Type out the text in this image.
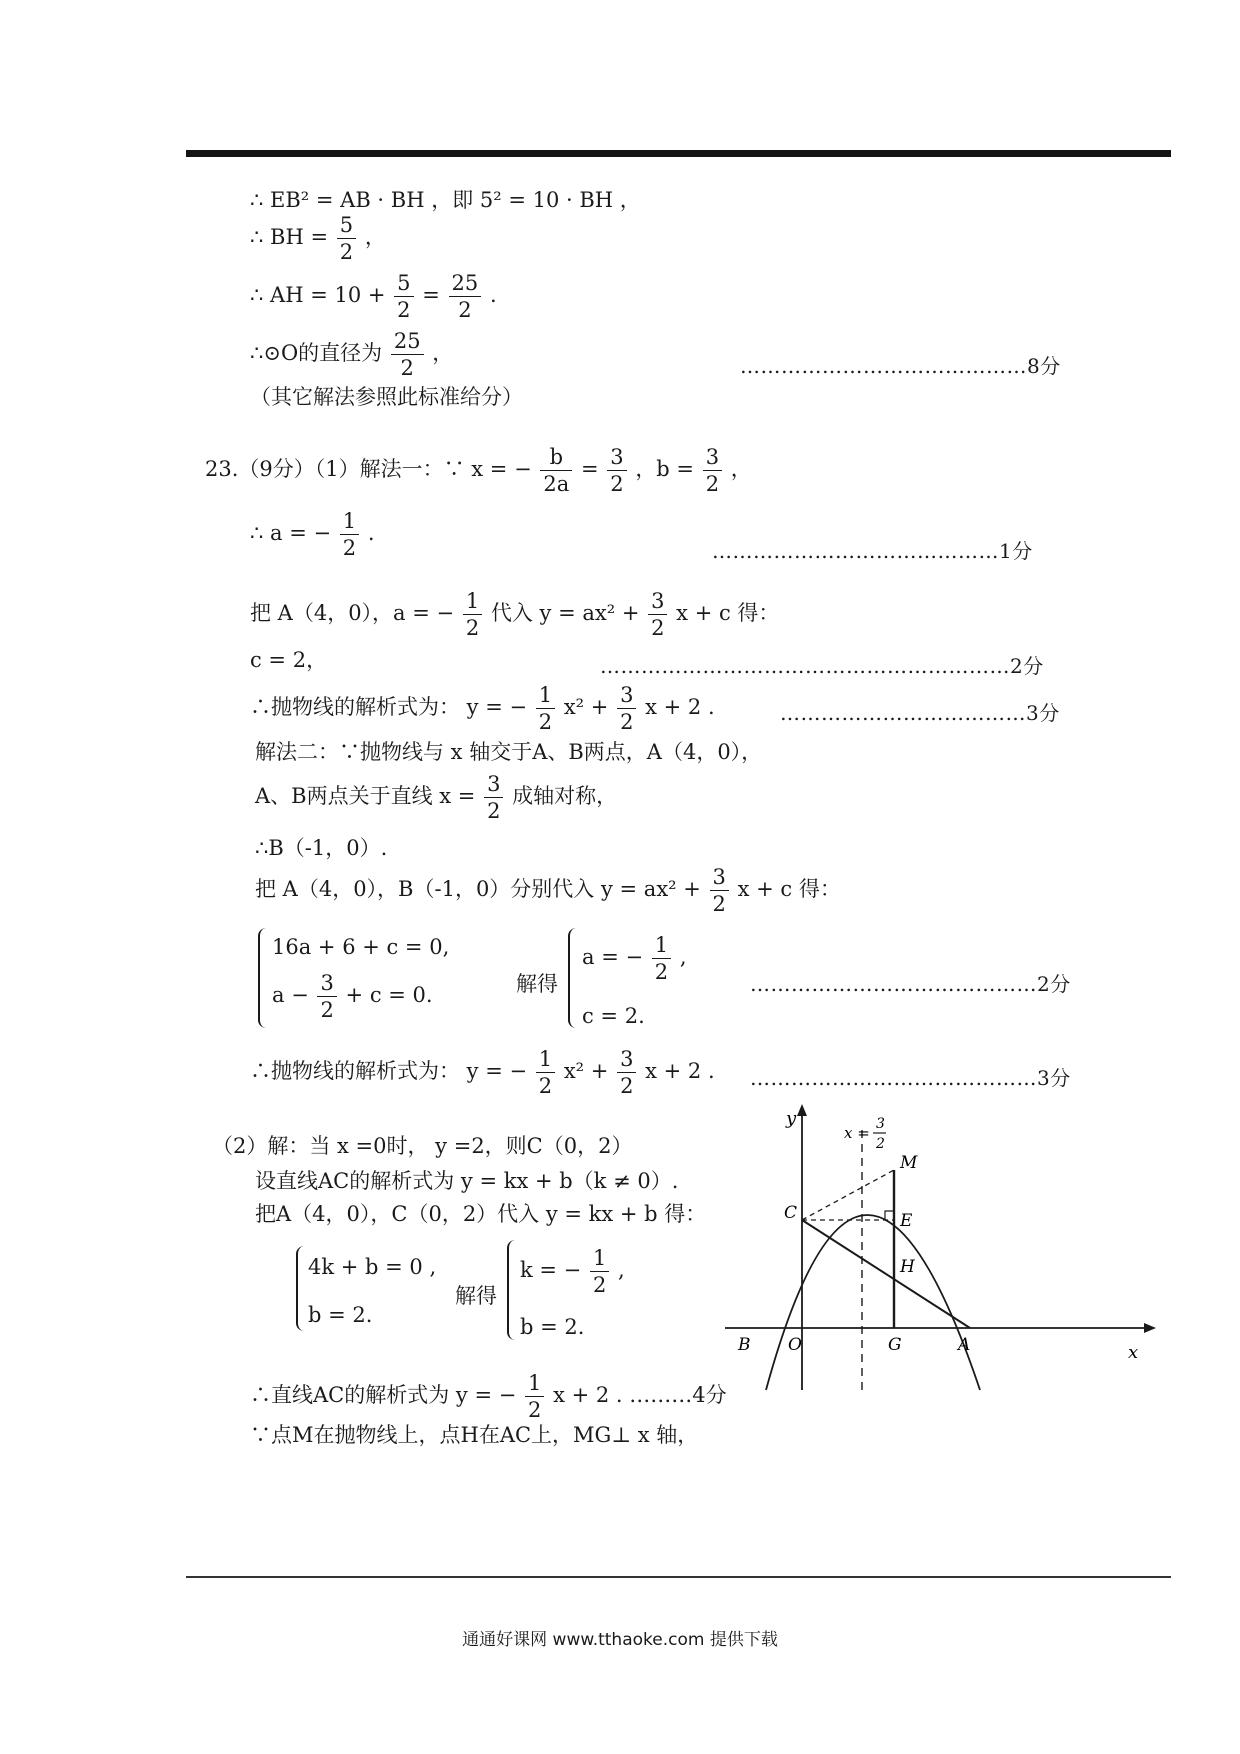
∴ EB² = AB · BH ，即 5² = 10 · BH ，
∴ BH = $\frac{5}{2}$ ，
∴ AH = $10 + \frac{5}{2} = \frac{25}{2}$ .
∴⊙O的直径为 $\frac{25}{2}$ ，
……………………………………8分
（其它解法参照此标准给分）
23.（9分）（1）解法一：∵ x = − $\frac{b}{2a} = \frac{3}{2}$ ，$b = \frac{3}{2}$ ，
∴ a = − $\frac{1}{2}$ .
……………………………………1分
把 A（4，0），a = − $\frac{1}{2}$ 代入 $y = ax^2 + \frac{3}{2}$ x + c 得：
c = 2，	……………………………………………………2分
∴抛物线的解析式为： y = − $\frac{1}{2} x^2 + \frac{3}{2}$ x + 2 .	………………………………3分
解法二：∵抛物线与 x 轴交于A、B两点，A（4，0），
A、B两点关于直线 $x = \frac{3}{2}$ 成轴对称，
∴B（-1，0）.
把 A（4，0），B（-1，0）分别代入 $y = ax^2 + \frac{3}{2}$ x + c 得：
16a + 6 + c = 0,
$a - \frac{3}{2} + c = 0$.	解得
a = − $\frac{1}{2}$ ,
c = 2.
……………………………………2分
∴抛物线的解析式为： y = − $\frac{1}{2} x^2 + \frac{3}{2}$ x + 2 . ……………………………………3分
（2）解：当 x =0时， y =2，则C（0，2）
设直线AC的解析式为 y = kx + b（k ≠ 0）.
把A（4，0），C（0，2）代入 y = kx + b 得：
4k + b = 0 ,
b = 2.
解得
k = − $\frac{1}{2}$ ,
b = 2.
∴直线AC的解析式为 y = − $\frac{1}{2}$ x + 2 . ………4分
∵点M在抛物线上，点H在AC上，MG⊥ x 轴，
y
x
x = 3
2
M
C	E
H
B O	G	A
通通好课网 www.tthaoke.com 提供下载
